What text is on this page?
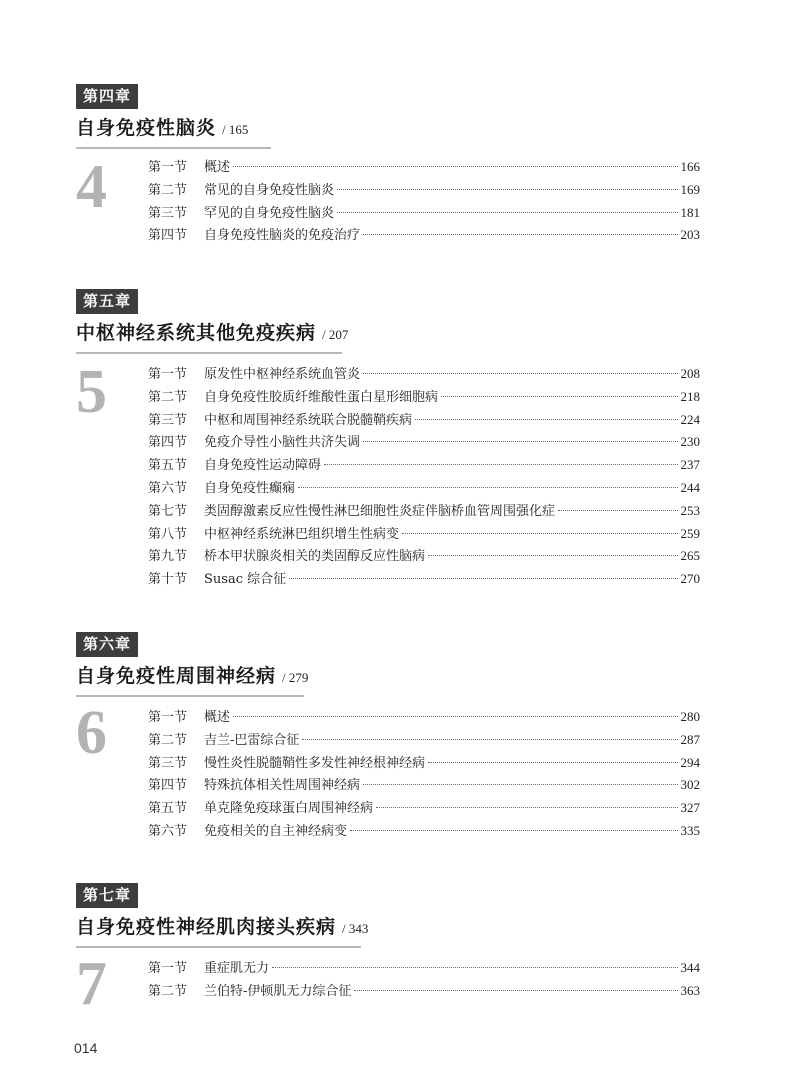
第四章
自身免疫性脑炎 / 165
4	第一节	概述	166
第二节	常见的自身免疫性脑炎	169
第三节	罕见的自身免疫性脑炎	181
第四节	自身免疫性脑炎的免疫治疗	203
第五章
中枢神经系统其他免疫疾病 / 207
5	第一节	原发性中枢神经系统血管炎	208
第二节	自身免疫性胶质纤维酸性蛋白星形细胞病	218
第三节	中枢和周围神经系统联合脱髓鞘疾病	224
第四节	免疫介导性小脑性共济失调	230
第五节	自身免疫性运动障碍	237
第六节	自身免疫性癫痫	244
第七节	类固醇激素反应性慢性淋巴细胞性炎症伴脑桥血管周围强化症	253
第八节	中枢神经系统淋巴组织增生性病变	259
第九节	桥本甲状腺炎相关的类固醇反应性脑病	265
第十节	Susac 综合征	270
第六章
自身免疫性周围神经病 / 279
6	第一节	概述	280
第二节	吉兰-巴雷综合征	287
第三节	慢性炎性脱髓鞘性多发性神经根神经病	294
第四节	特殊抗体相关性周围神经病	302
第五节	单克隆免疫球蛋白周围神经病	327
第六节	免疫相关的自主神经病变	335
第七章
自身免疫性神经肌肉接头疾病 / 343
7	第一节	重症肌无力	344
第二节	兰伯特-伊顿肌无力综合征	363
014
